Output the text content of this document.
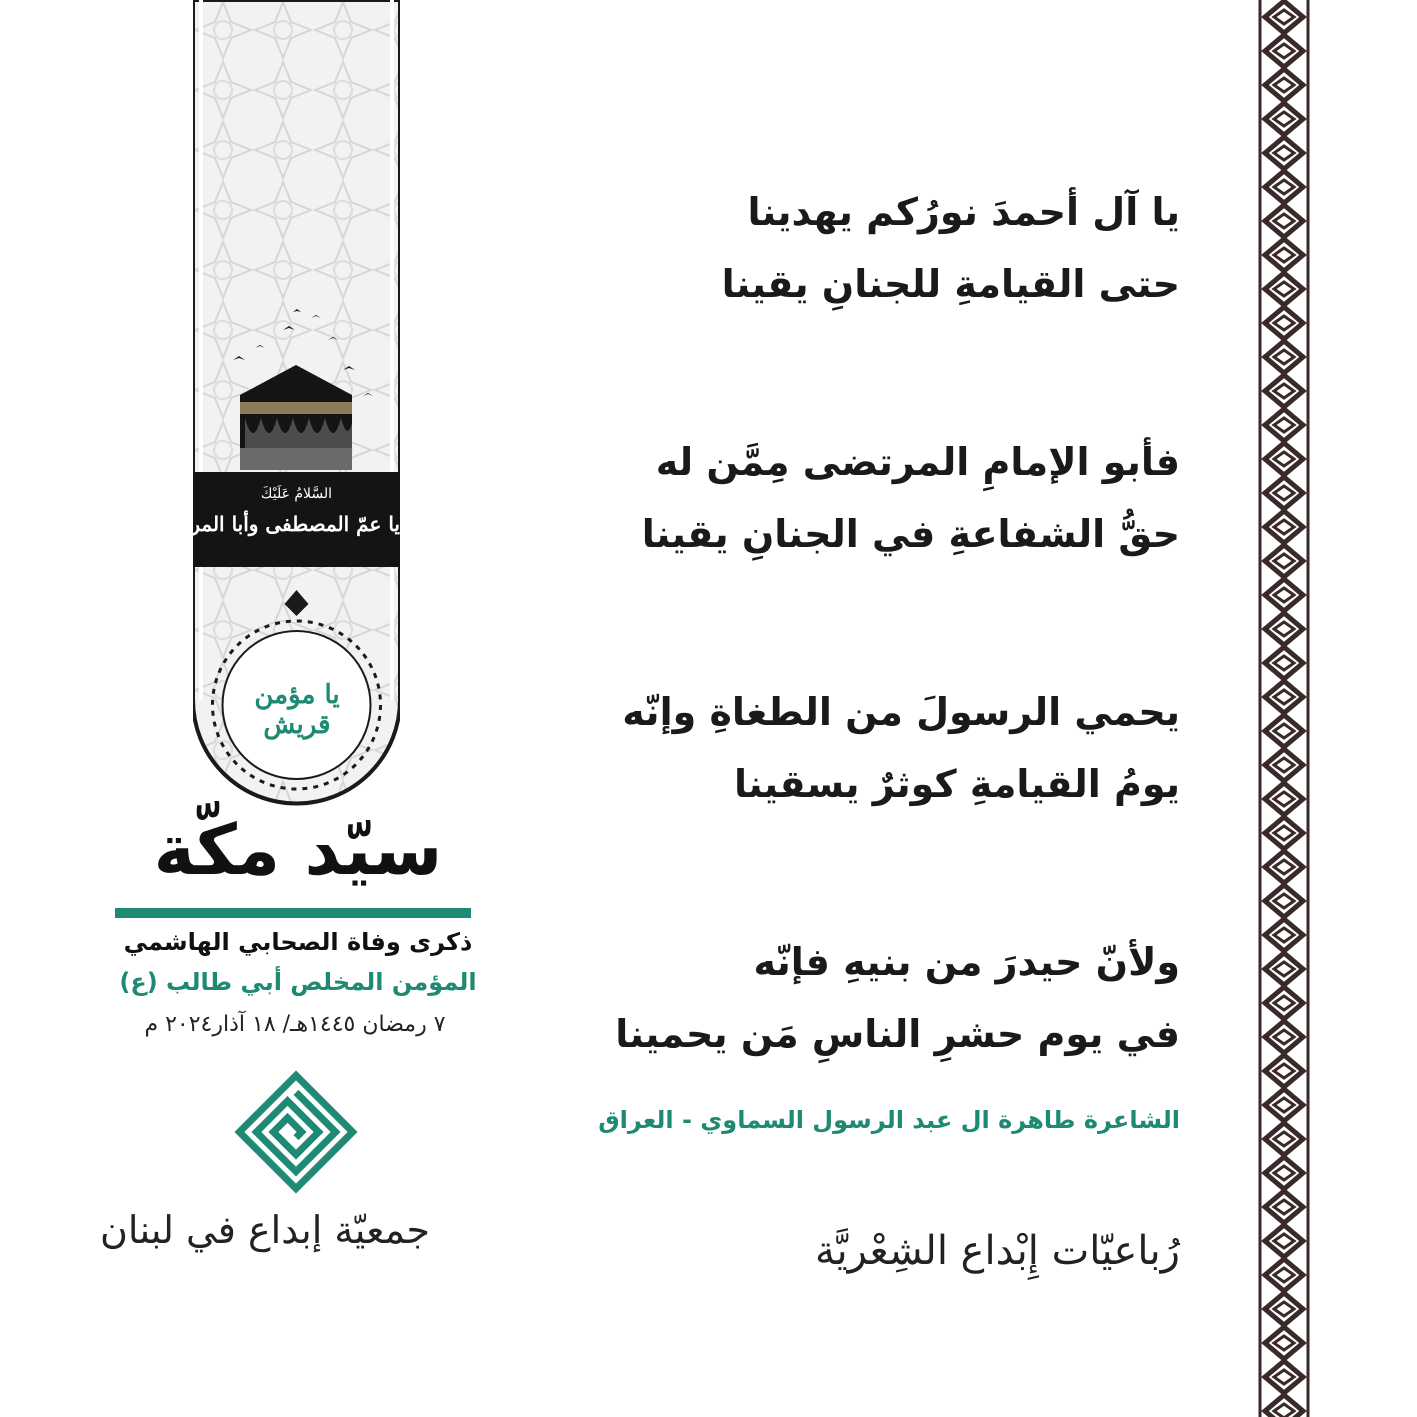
السَّلامُ عَلَيْكَ
يا عمّ المصطفى وأبا المرتضى
يا مؤمن قريش
يا آل أحمدَ نورُكم يهدينا
حتى القيامةِ للجنانِ يقينا
فأبو الإمامِ المرتضى مِمَّن له
حقُّ الشفاعةِ في الجنانِ يقينا
يحمي الرسولَ من الطغاةِ وإنّه
يومُ القيامةِ كوثرٌ يسقينا
ولأنّ حيدرَ من بنيهِ فإنّه
في يوم حشرِ الناسِ مَن يحمينا
الشاعرة طاهرة ال عبد الرسول السماوي - العراق
رُباعيّات إِبْداع الشِعْريَّة
سيّد مكّة
ذكرى وفاة الصحابي الهاشمي
المؤمن المخلص أبي طالب (ع)
٧ رمضان ١٤٤٥هـ/ ١٨ آذار٢٠٢٤ م
جمعيّة إبداع في لبنان
